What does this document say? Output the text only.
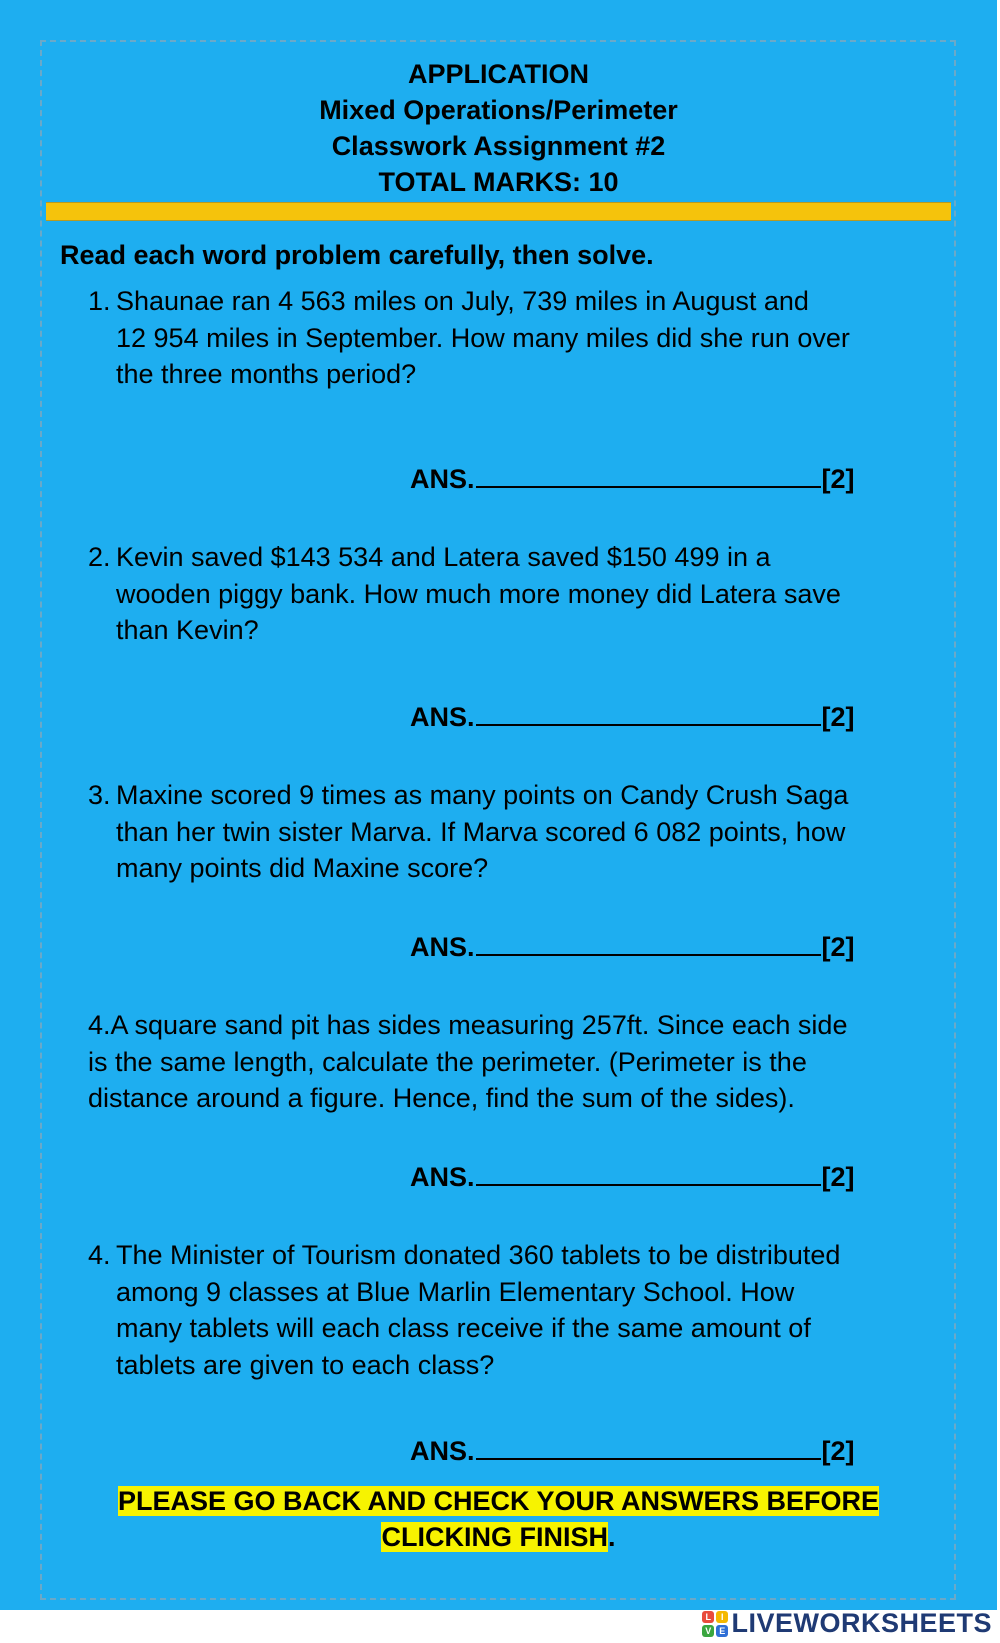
APPLICATION
Mixed Operations/Perimeter
Classwork Assignment #2
TOTAL MARKS: 10
Read each word problem carefully, then solve.
1. Shaunae ran 4 563 miles on July, 739 miles in August and
12 954 miles in September. How many miles did she run over
the three months period?
ANS.	[2]
2. Kevin saved $143 534 and Latera saved $150 499 in a
wooden piggy bank. How much more money did Latera save
than Kevin?
ANS.	[2]
3. Maxine scored 9 times as many points on Candy Crush Saga
than her twin sister Marva. If Marva scored 6 082 points, how
many points did Maxine score?
ANS.	[2]
4.A square sand pit has sides measuring 257ft. Since each side
is the same length, calculate the perimeter. (Perimeter is the
distance around a figure. Hence, find the sum of the sides).
ANS.	[2]
4. The Minister of Tourism donated 360 tablets to be distributed
among 9 classes at Blue Marlin Elementary School. How
many tablets will each class receive if the same amount of
tablets are given to each class?
ANS.	[2]
PLEASE GO BACK AND CHECK YOUR ANSWERS BEFORE
CLICKING FINISH.
L	I
V E LIVEWORKSHEETS
